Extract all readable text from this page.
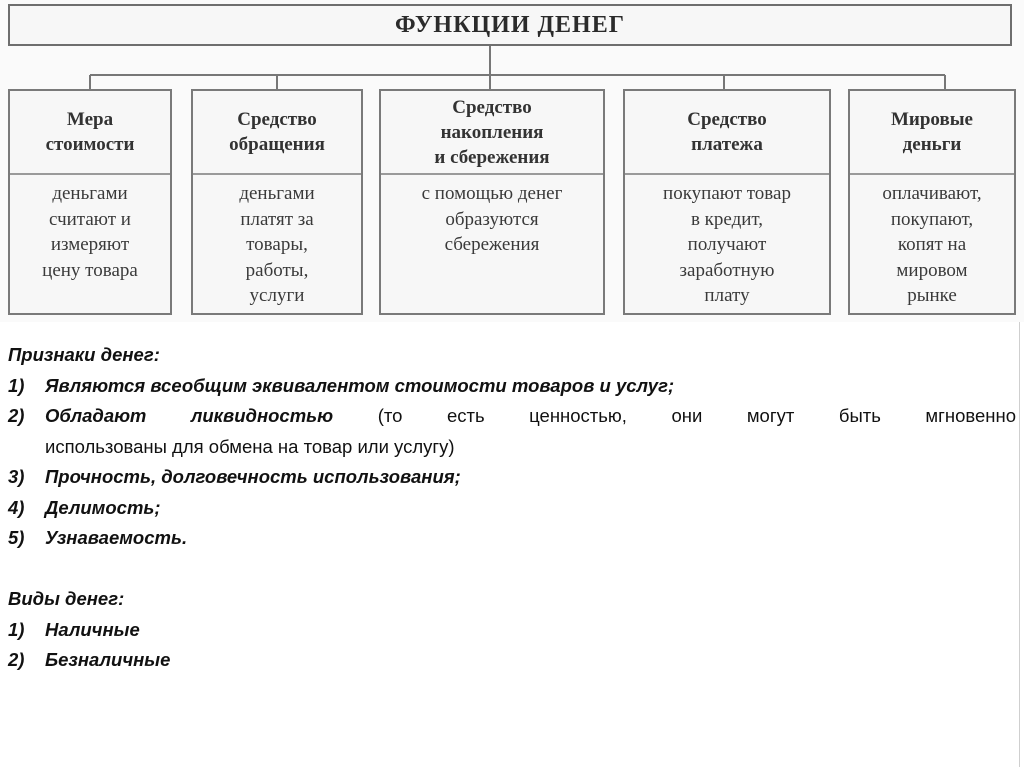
ФУНКЦИИ ДЕНЕГ
Мера
стоимости
деньгами
считают и
измеряют
цену товара
Средство
обращения
деньгами
платят за
товары,
работы,
услуги
Средство
накопления
и сбережения
с помощью денег
образуются
сбережения
Средство
платежа
покупают товар
в кредит,
получают
заработную
плату
Мировые
деньги
оплачивают,
покупают,
копят на
мировом
рынке
Признаки денег:
1)	Являются всеобщим эквивалентом стоимости товаров и услуг;
2)	Обладают ликвидностью (то есть ценностью, они могут быть мгновенно
использованы для обмена на товар или услугу)
3)	Прочность, долговечность использования;
4)	Делимость;
5)	Узнаваемость.
Виды денег:
1)	Наличные
2)	Безналичные
